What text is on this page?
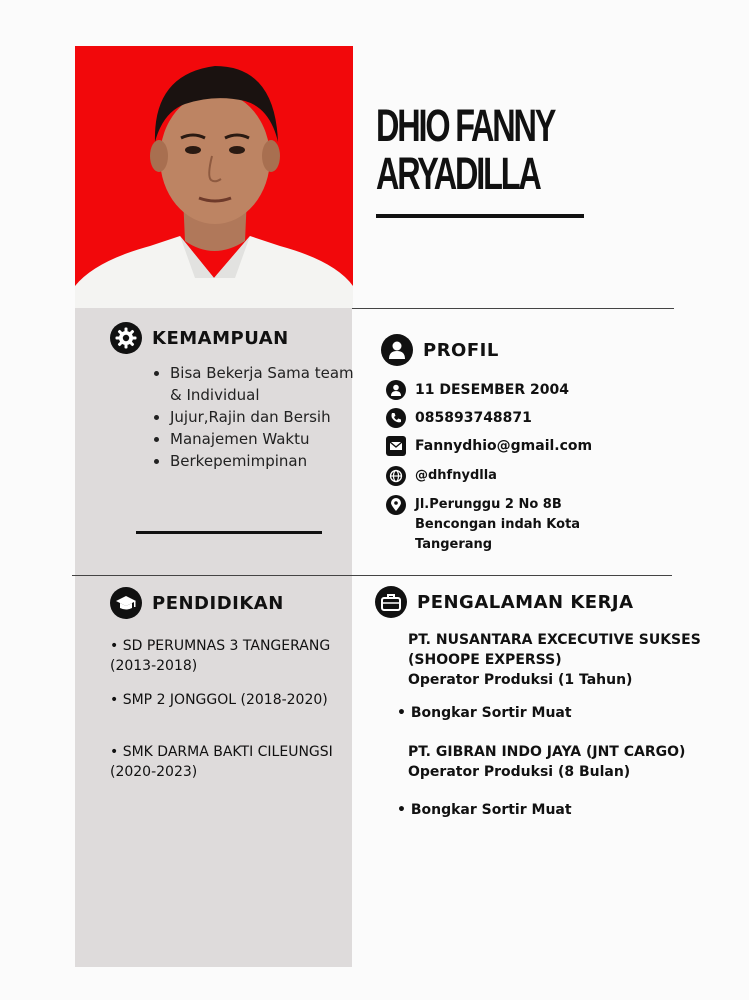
DHIO FANNY
ARYADILLA
KEMAMPUAN
• Bisa Bekerja Sama team & Individual
• Jujur,Rajin dan Bersih
• Manajemen Waktu
• Berkepemimpinan
PENDIDIKAN
• SD PERUMNAS 3 TANGERANG (2013-2018)
• SMP 2 JONGGOL (2018-2020)
• SMK DARMA BAKTI CILEUNGSI (2020-2023)
PROFIL
11 DESEMBER 2004
085893748871
Fannydhio@gmail.com
@dhfnydlla
Jl.Perunggu 2 No 8B
Bencongan indah Kota
Tangerang
PENGALAMAN KERJA
PT. NUSANTARA EXCECUTIVE SUKSES
(SHOOPE EXPERSS)
Operator Produksi (1 Tahun)
• Bongkar Sortir Muat
PT. GIBRAN INDO JAYA (JNT CARGO)
Operator Produksi (8 Bulan)
• Bongkar Sortir Muat
